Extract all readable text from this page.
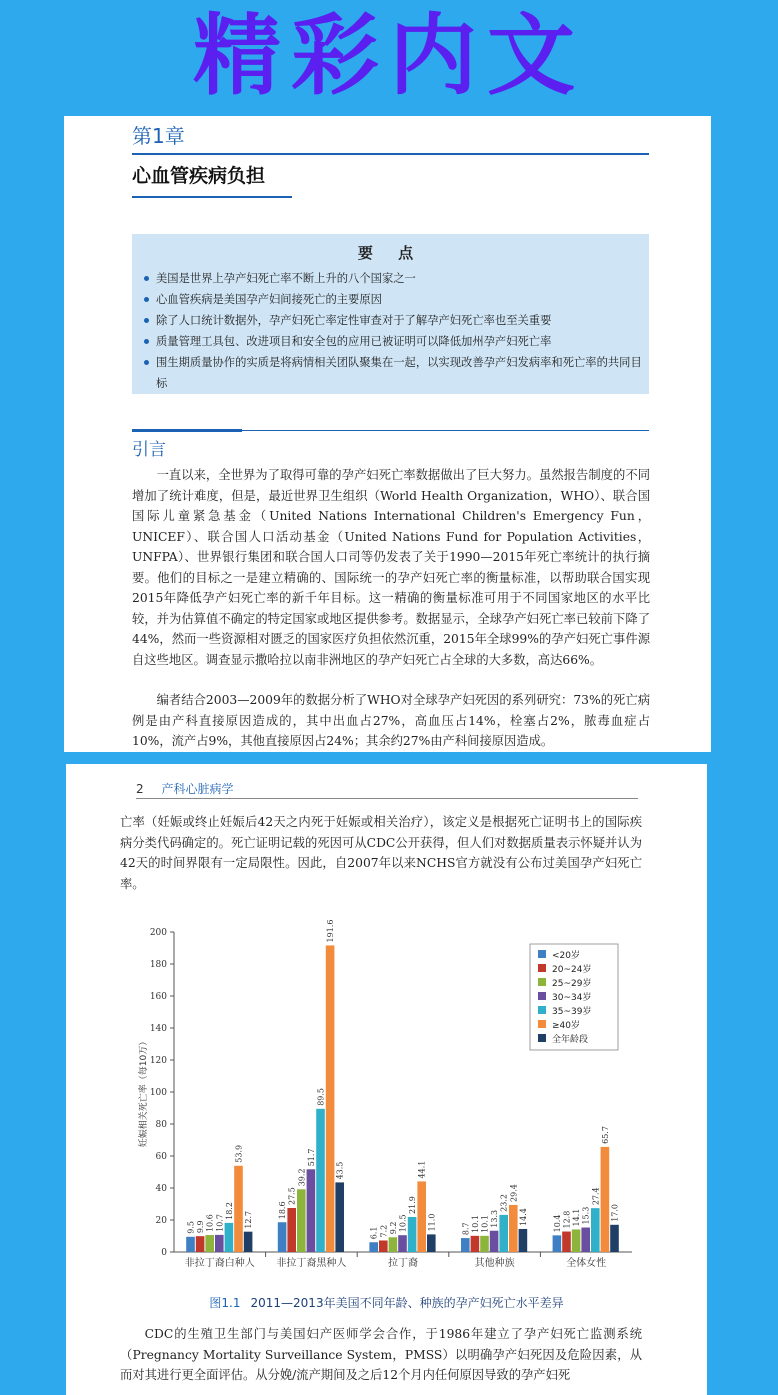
精彩内文
第1章
心血管疾病负担
要 点
美国是世界上孕产妇死亡率不断上升的八个国家之一
心血管疾病是美国孕产妇间接死亡的主要原因
除了人口统计数据外，孕产妇死亡率定性审查对于了解孕产妇死亡率也至关重要
质量管理工具包、改进项目和安全包的应用已被证明可以降低加州孕产妇死亡率
围生期质量协作的实质是将病情相关团队聚集在一起，以实现改善孕产妇发病率和死亡率的共同目标
引言

一直以来，全世界为了取得可靠的孕产妇死亡率数据做出了巨大努力。虽然报告制度的不同增加了统计难度，但是，最近世界卫生组织（World Health Organization，WHO）、联合国国际儿童紧急基金（United Nations International Children's Emergency Fun，UNICEF）、联合国人口活动基金（United Nations Fund for Population Activities，UNFPA）、世界银行集团和联合国人口司等仍发表了关于1990—2015年死亡率统计的执行摘要。他们的目标之一是建立精确的、国际统一的孕产妇死亡率的衡量标准，以帮助联合国实现2015年降低孕产妇死亡率的新千年目标。这一精确的衡量标准可用于不同国家地区的水平比较，并为估算值不确定的特定国家或地区提供参考。数据显示，全球孕产妇死亡率已较前下降了44%，然而一些资源相对匮乏的国家医疗负担依然沉重，2015年全球99%的孕产妇死亡事件源自这些地区。调查显示撒哈拉以南非洲地区的孕产妇死亡占全球的大多数，高达66%。

编者结合2003—2009年的数据分析了WHO对全球孕产妇死因的系列研究：73%的死亡病例是由产科直接原因造成的，其中出血占27%，高血压占14%，栓塞占2%，脓毒血症占10%，流产占9%，其他直接原因占24%；其余约27%由产科间接原因造成。

2 产科心脏病学

亡率（妊娠或终止妊娠后42天之内死于妊娠或相关治疗），该定义是根据死亡证明书上的国际疾病分类代码确定的。死亡证明记载的死因可从CDC公开获得，但人们对数据质量表示怀疑并认为42天的时间界限有一定局限性。因此，自2007年以来NCHS官方就没有公布过美国孕产妇死亡率。

0
20
40
60
80
100
120
140
160
180
200
妊娠相关死亡率（每10万）
非拉丁裔白种人
9.5 9.9 10.6 10.7
18.2
53.9
12.7
非拉丁裔黑种人
18.6
27.5
39.2
51.7
89.5
191.6
43.5
拉丁裔
6.1 7.2 9.2 10.5
21.9
44.1
11.0
其他种族
8.7 10.1 10.1 13.3
23.2
29.4
14.4
全体女性
10.4 12.8 14.1 15.3
27.4
65.7
17.0
<20岁
20~24岁
25~29岁
30~34岁
35~39岁
≥40岁
全年龄段
图1.1 2011—2013年美国不同年龄、种族的孕产妇死亡水平差异

CDC的生殖卫生部门与美国妇产医师学会合作，于1986年建立了孕产妇死亡监测系统（Pregnancy Mortality Surveillance System，PMSS）以明确孕产妇死因及危险因素，从而对其进行更全面评估。从分娩/流产期间及之后12个月内任何原因导致的孕产妇死
